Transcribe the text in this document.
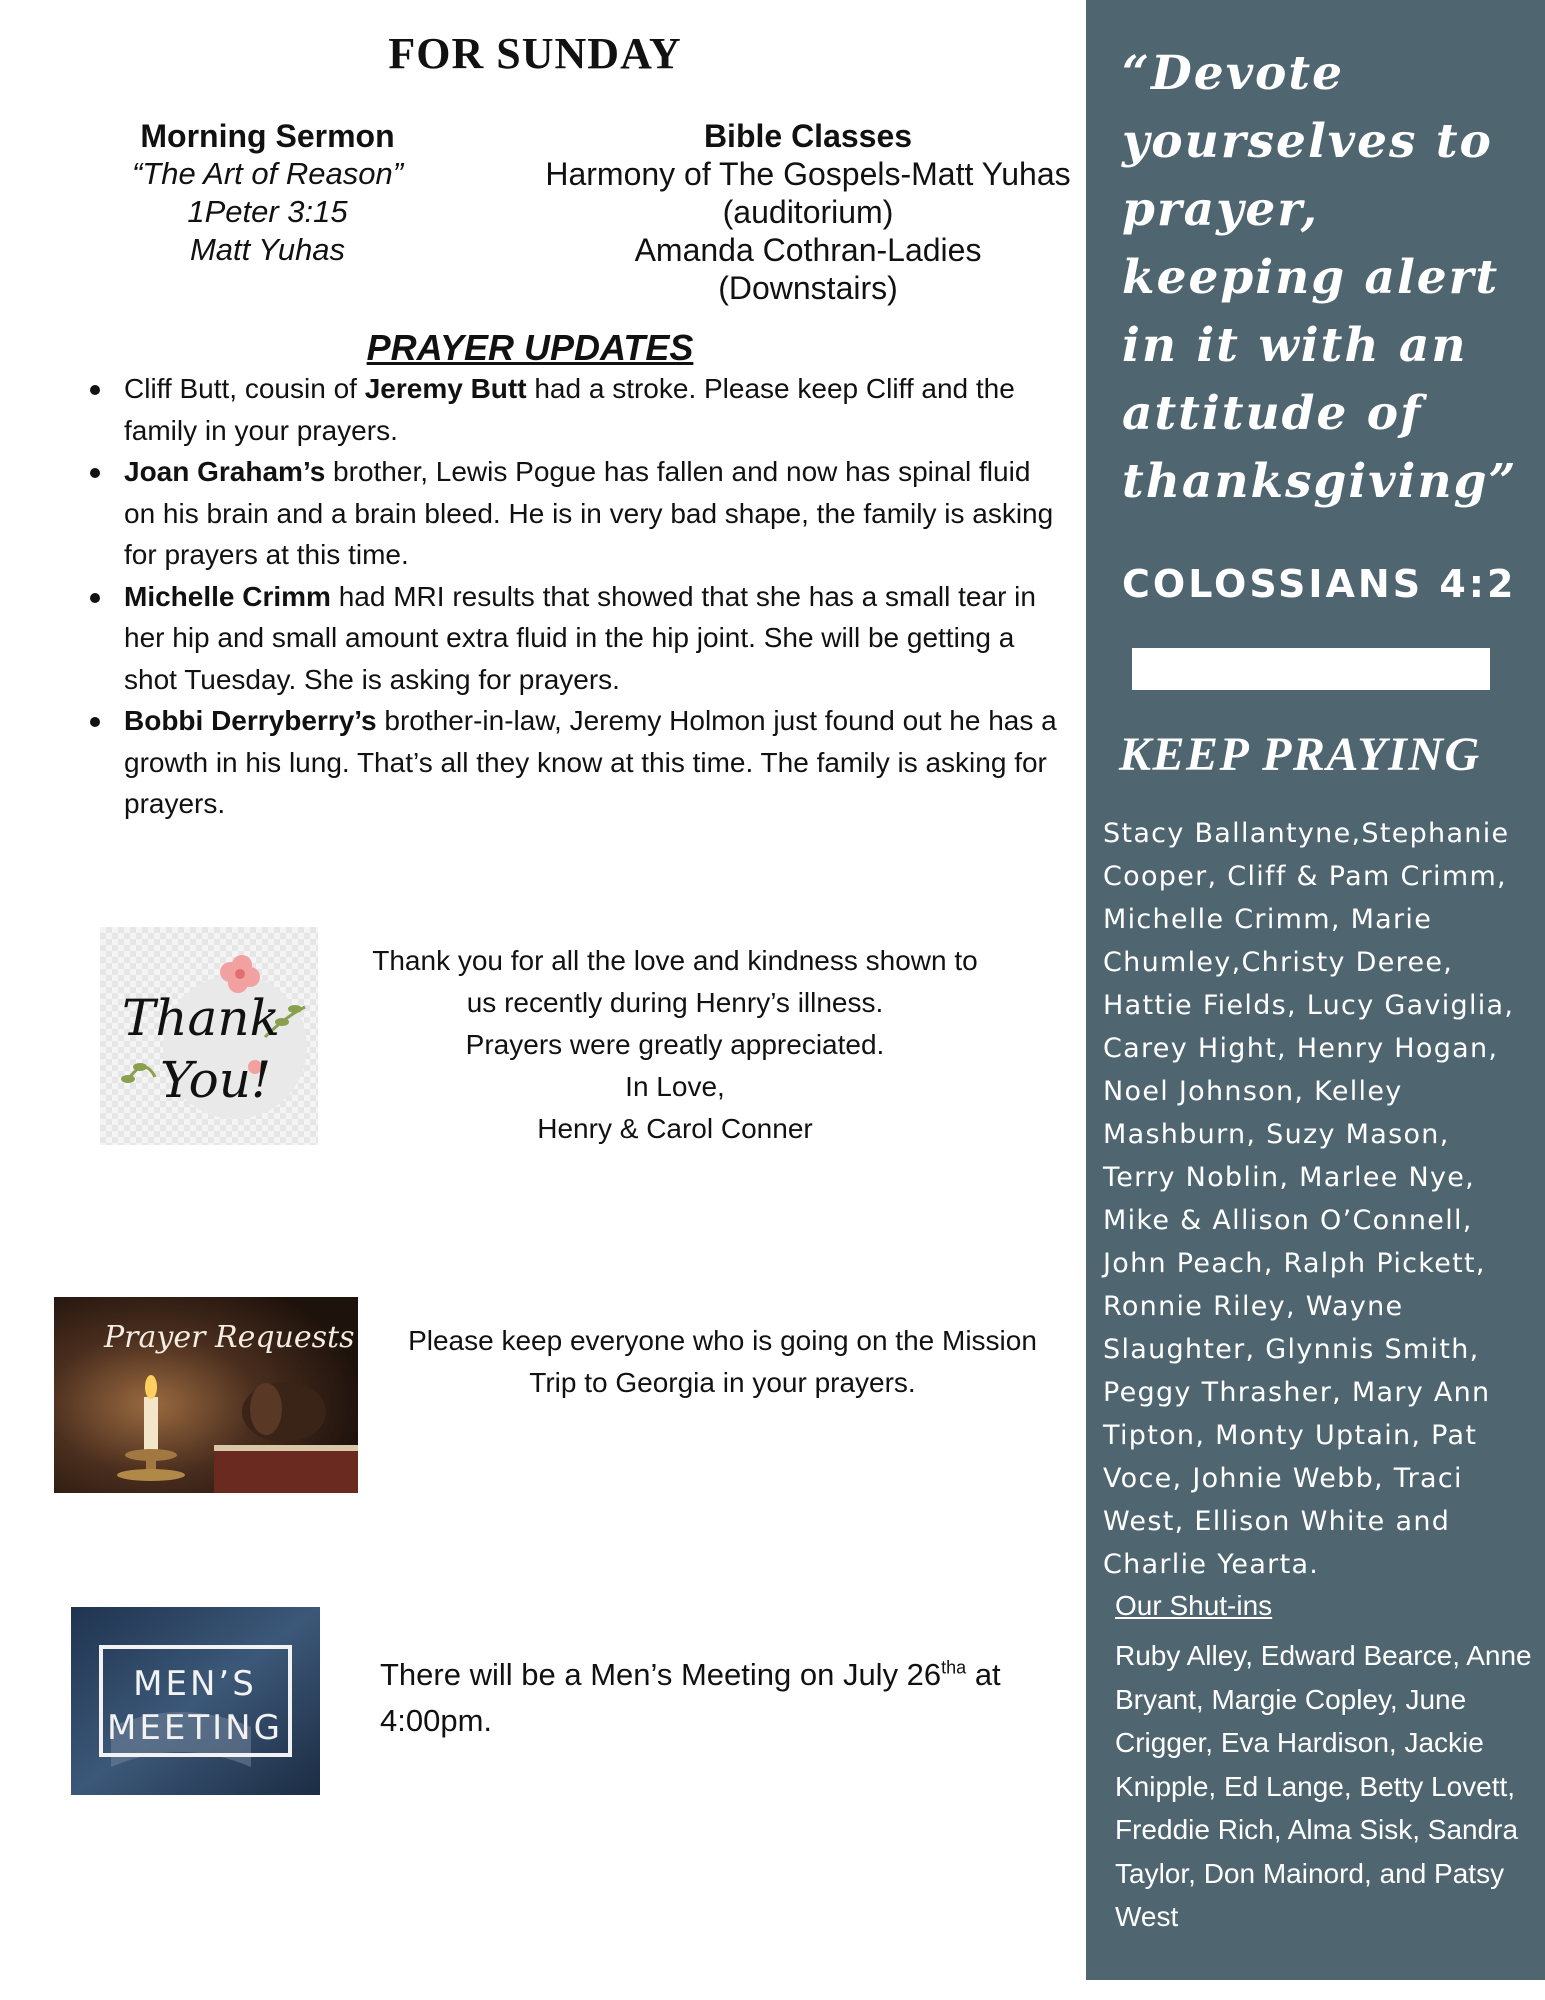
FOR SUNDAY
Morning Sermon
“The Art of Reason”
1Peter 3:15
Matt Yuhas
Bible Classes
Harmony of The Gospels-Matt Yuhas
(auditorium)
Amanda Cothran-Ladies
(Downstairs)
PRAYER UPDATES
Cliff Butt, cousin of Jeremy Butt had a stroke. Please keep Cliff and the family in your prayers.
Joan Graham’s brother, Lewis Pogue has fallen and now has spinal fluid on his brain and a brain bleed. He is in very bad shape, the family is asking for prayers at this time.
Michelle Crimm had MRI results that showed that she has a small tear in her hip and small amount extra fluid in the hip joint. She will be getting a shot Tuesday. She is asking for prayers.
Bobbi Derryberry’s brother-in-law, Jeremy Holmon just found out he has a growth in his lung. That’s all they know at this time. The family is asking for prayers.
Thank
You!
Thank you for all the love and kindness shown to
us recently during Henry’s illness.
Prayers were greatly appreciated.
In Love,
Henry & Carol Conner
Prayer Requests	Please keep everyone who is going on the Mission
Trip to Georgia in your prayers.
MEN’S
MEETING
There will be a Men’s Meeting on July $26^{tha}$ at 4:00pm.
“Devote yourselves to prayer, keeping alert in it with an attitude of thanksgiving”
COLOSSIANS 4:2
KEEP PRAYING
Stacy Ballantyne,Stephanie Cooper, Cliff & Pam Crimm, Michelle Crimm, Marie Chumley,Christy Deree, Hattie Fields, Lucy Gaviglia, Carey Hight, Henry Hogan, Noel Johnson, Kelley Mashburn, Suzy Mason, Terry Noblin, Marlee Nye, Mike & Allison O’Connell, John Peach, Ralph Pickett, Ronnie Riley, Wayne Slaughter, Glynnis Smith, Peggy Thrasher, Mary Ann Tipton, Monty Uptain, Pat Voce, Johnie Webb, Traci West, Ellison White and Charlie Yearta.
Our Shut-ins
Ruby Alley, Edward Bearce, Anne Bryant, Margie Copley, June Crigger, Eva Hardison, Jackie Knipple, Ed Lange, Betty Lovett, Freddie Rich, Alma Sisk, Sandra Taylor, Don Mainord, and Patsy West
